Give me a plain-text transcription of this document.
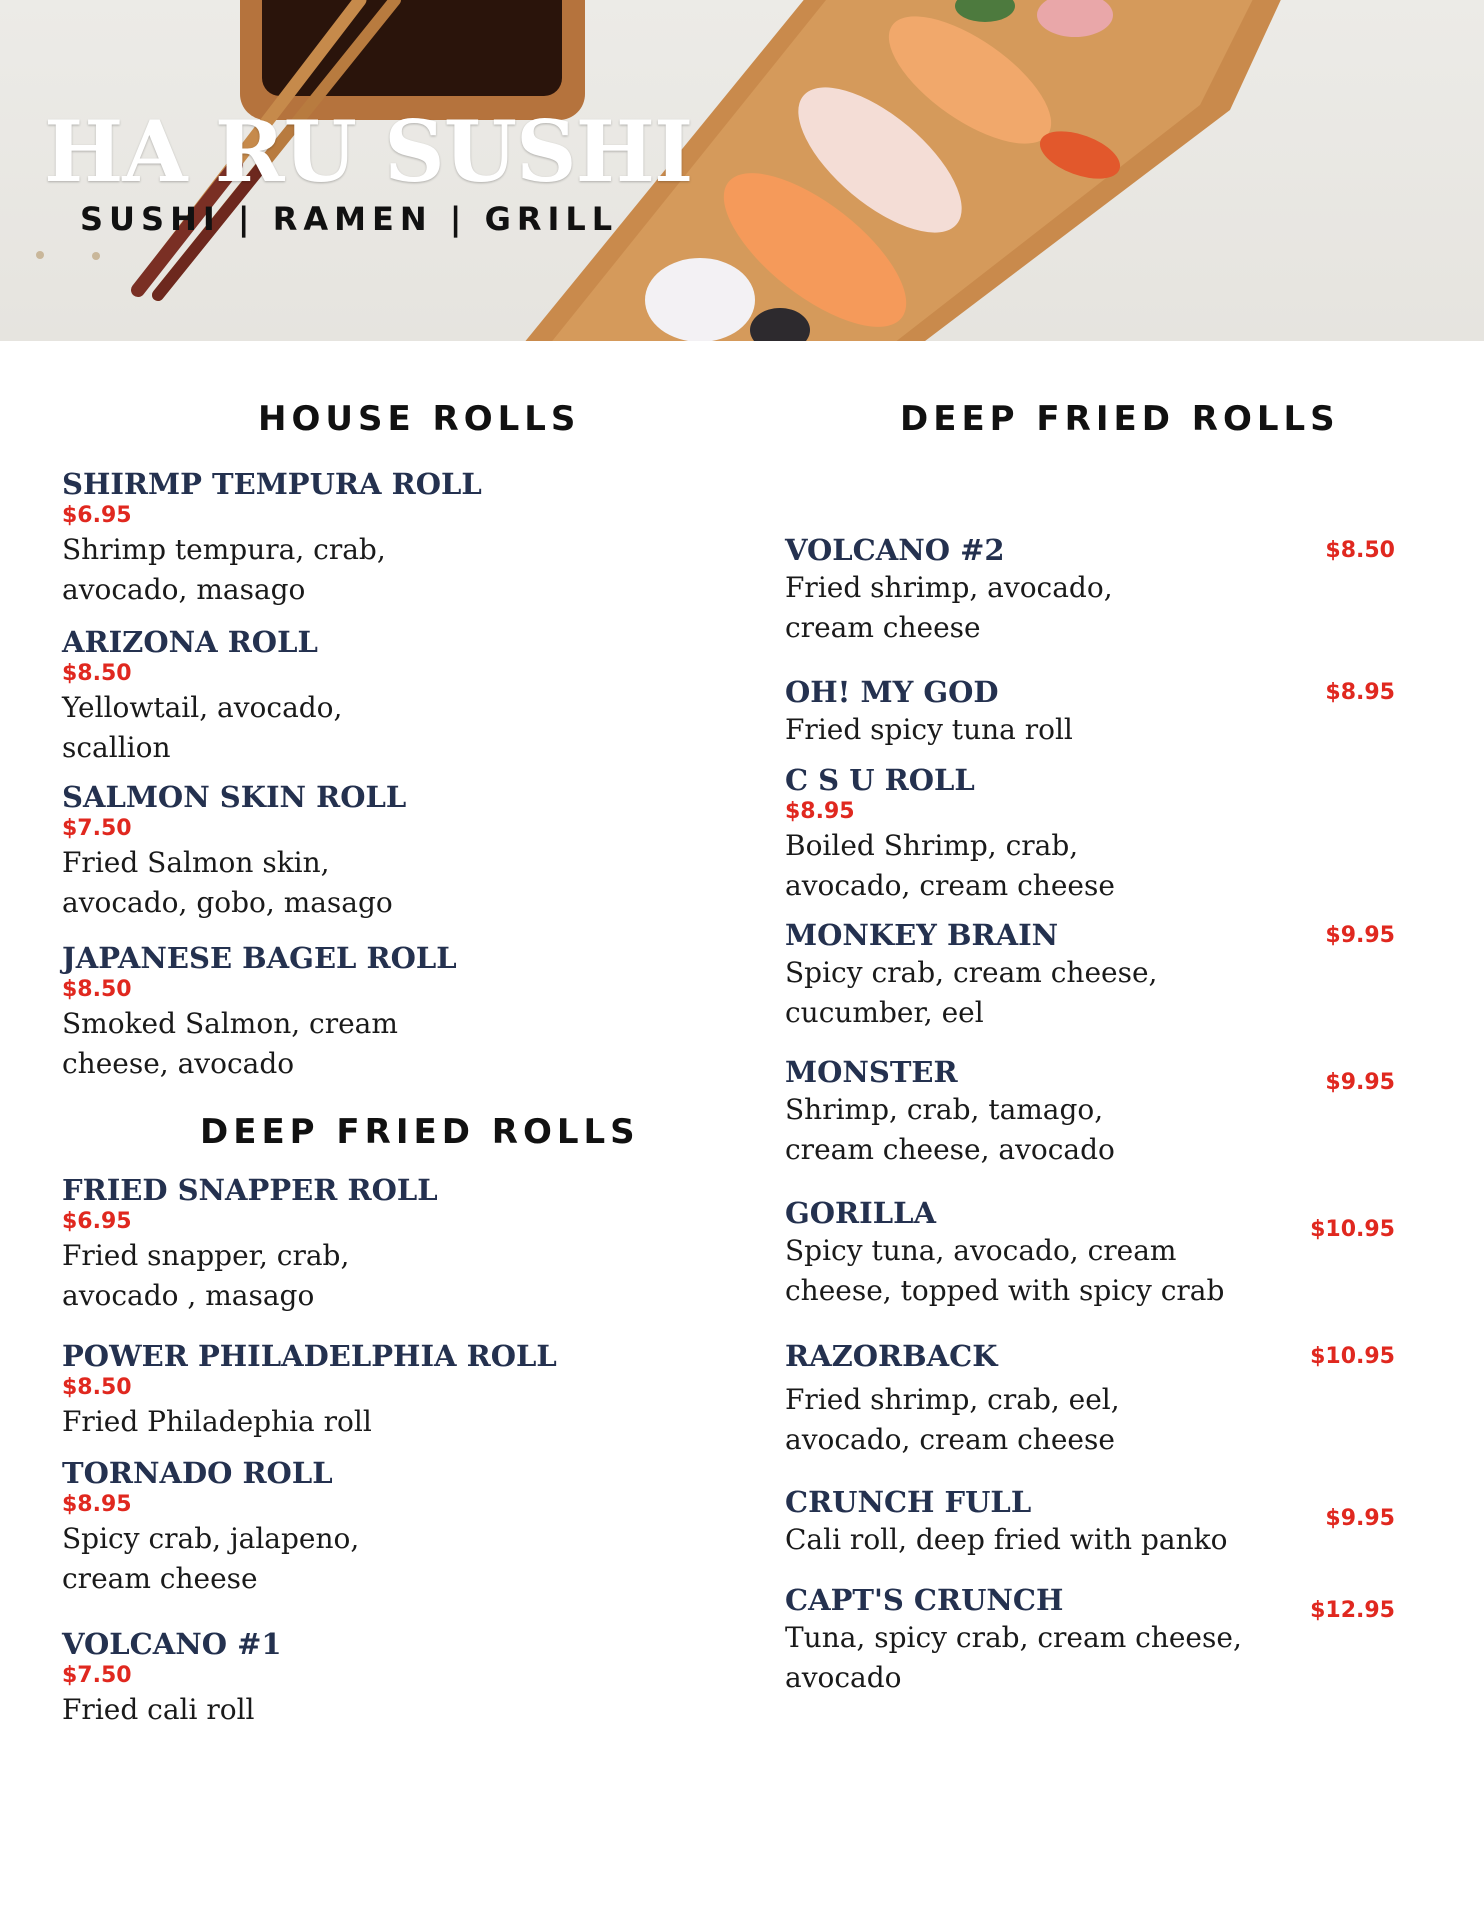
HA RU SUSHI
SUSHI | RAMEN | GRILL
HOUSE ROLLS
SHIRMP TEMPURA ROLL
$6.95
Shrimp tempura, crab,
avocado, masago
ARIZONA ROLL
$8.50
Yellowtail, avocado,
scallion
SALMON SKIN ROLL
$7.50
Fried Salmon skin,
avocado, gobo, masago
JAPANESE BAGEL ROLL
$8.50
Smoked Salmon, cream
cheese, avocado
DEEP FRIED ROLLS
FRIED SNAPPER ROLL
$6.95
Fried snapper, crab,
avocado , masago
POWER PHILADELPHIA ROLL
$8.50
Fried Philadephia roll
TORNADO ROLL
$8.95
Spicy crab, jalapeno,
cream cheese
VOLCANO #1
$7.50
Fried cali roll
DEEP FRIED ROLLS
VOLCANO #2	$8.50
Fried shrimp, avocado,
cream cheese
OH! MY GOD	$8.95
Fried spicy tuna roll
C S U ROLL
$8.95
Boiled Shrimp, crab,
avocado, cream cheese
MONKEY BRAIN	$9.95
Spicy crab, cream cheese,
cucumber, eel
MONSTER	$9.95
Shrimp, crab, tamago,
cream cheese, avocado
GORILLA	$10.95
Spicy tuna, avocado, cream
cheese, topped with spicy crab
RAZORBACK	$10.95
Fried shrimp, crab, eel,
avocado, cream cheese
CRUNCH FULL	$9.95
Cali roll, deep fried with panko
CAPT'S CRUNCH	$12.95
Tuna, spicy crab, cream cheese,
avocado
